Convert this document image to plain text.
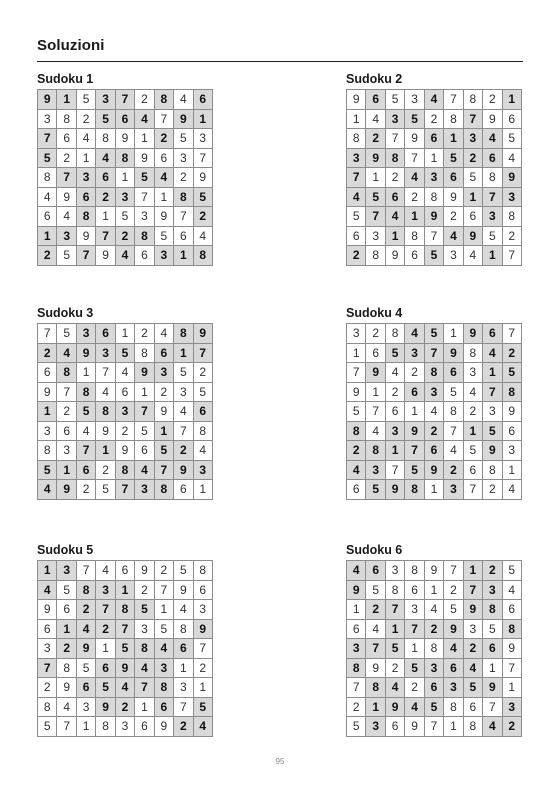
Soluzioni
Sudoku 1
9	1	5	3	7	2	8	4	6
3	8	2	5	6	4	7	9	1
7	6	4	8	9	1	2	5	3
5	2	1	4	8	9	6	3	7
8	7	3	6	1	5	4	2	9
4	9	6	2	3	7	1	8	5
6	4	8	1	5	3	9	7	2
1	3	9	7	2	8	5	6	4
2	5	7	9	4	6	3	1	8
Sudoku 2
9	6	5	3	4	7	8	2	1
1	4	3	5	2	8	7	9	6
8	2	7	9	6	1	3	4	5
3	9	8	7	1	5	2	6	4
7	1	2	4	3	6	5	8	9
4	5	6	2	8	9	1	7	3
5	7	4	1	9	2	6	3	8
6	3	1	8	7	4	9	5	2
2	8	9	6	5	3	4	1	7
Sudoku 3
7	5	3	6	1	2	4	8	9
2	4	9	3	5	8	6	1	7
6	8	1	7	4	9	3	5	2
9	7	8	4	6	1	2	3	5
1	2	5	8	3	7	9	4	6
3	6	4	9	2	5	1	7	8
8	3	7	1	9	6	5	2	4
5	1	6	2	8	4	7	9	3
4	9	2	5	7	3	8	6	1
Sudoku 4
3	2	8	4	5	1	9	6	7
1	6	5	3	7	9	8	4	2
7	9	4	2	8	6	3	1	5
9	1	2	6	3	5	4	7	8
5	7	6	1	4	8	2	3	9
8	4	3	9	2	7	1	5	6
2	8	1	7	6	4	5	9	3
4	3	7	5	9	2	6	8	1
6	5	9	8	1	3	7	2	4
Sudoku 5
1	3	7	4	6	9	2	5	8
4	5	8	3	1	2	7	9	6
9	6	2	7	8	5	1	4	3
6	1	4	2	7	3	5	8	9
3	2	9	1	5	8	4	6	7
7	8	5	6	9	4	3	1	2
2	9	6	5	4	7	8	3	1
8	4	3	9	2	1	6	7	5
5	7	1	8	3	6	9	2	4
Sudoku 6
4	6	3	8	9	7	1	2	5
9	5	8	6	1	2	7	3	4
1	2	7	3	4	5	9	8	6
6	4	1	7	2	9	3	5	8
3	7	5	1	8	4	2	6	9
8	9	2	5	3	6	4	1	7
7	8	4	2	6	3	5	9	1
2	1	9	4	5	8	6	7	3
5	3	6	9	7	1	8	4	2
95
